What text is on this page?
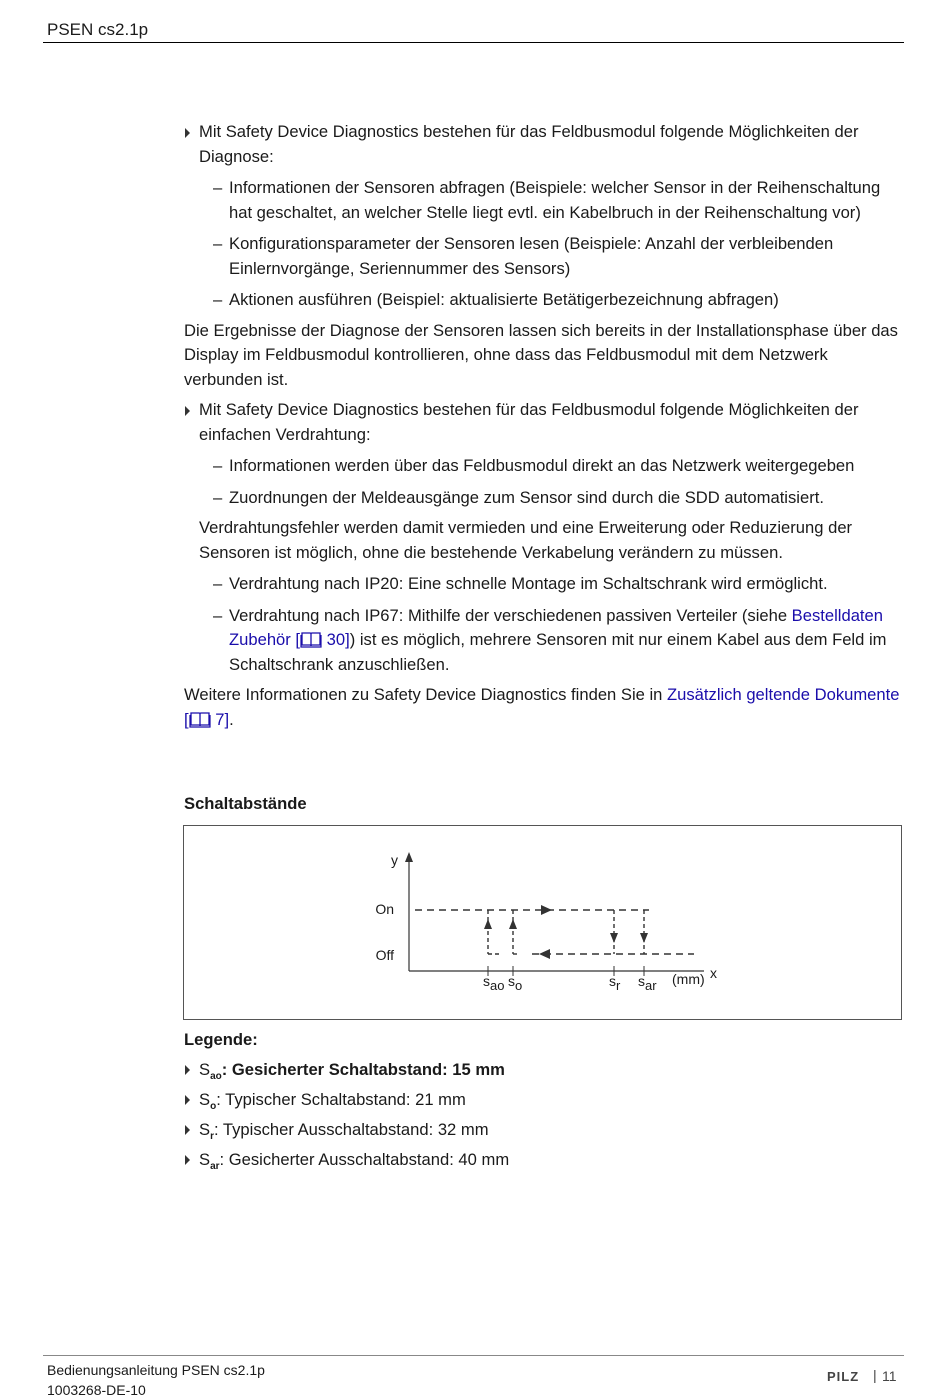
PSEN cs2.1p
Mit Safety Device Diagnostics bestehen für das Feldbusmodul folgende Möglichkeiten der Diagnose:
– Informationen der Sensoren abfragen (Beispiele: welcher Sensor in der Reihenschaltung hat geschaltet, an welcher Stelle liegt evtl. ein Kabelbruch in der Reihenschaltung vor)
– Konfigurationsparameter der Sensoren lesen (Beispiele: Anzahl der verbleibenden Einlernvorgänge, Seriennummer des Sensors)
– Aktionen ausführen (Beispiel: aktualisierte Betätigerbezeichnung abfragen)
Die Ergebnisse der Diagnose der Sensoren lassen sich bereits in der Installationsphase über das Display im Feldbusmodul kontrollieren, ohne dass das Feldbusmodul mit dem Netzwerk verbunden ist.
Mit Safety Device Diagnostics bestehen für das Feldbusmodul folgende Möglichkeiten der einfachen Verdrahtung:
– Informationen werden über das Feldbusmodul direkt an das Netzwerk weitergegeben
– Zuordnungen der Meldeausgänge zum Sensor sind durch die SDD automatisiert.
Verdrahtungsfehler werden damit vermieden und eine Erweiterung oder Reduzierung der Sensoren ist möglich, ohne die bestehende Verkabelung verändern zu müssen.
– Verdrahtung nach IP20: Eine schnelle Montage im Schaltschrank wird ermöglicht.
– Verdrahtung nach IP67: Mithilfe der verschiedenen passiven Verteiler (siehe Bestelldaten Zubehör [ 30]) ist es möglich, mehrere Sensoren mit nur einem Kabel aus dem Feld im Schaltschrank anzuschließen.
Weitere Informationen zu Safety Device Diagnostics finden Sie in Zusätzlich geltende Dokumente [ 7].
Schaltabstände
y
x
On
Off
sao so	sr sar (mm)
Legende:
$S_{ao}$: Gesicherter Schaltabstand: 15 mm
$S_o$: Typischer Schaltabstand: 21 mm
$S_r$: Typischer Ausschaltabstand: 32 mm
$S_{ar}$: Gesicherter Ausschaltabstand: 40 mm
Bedienungsanleitung PSEN cs2.1p
1003268-DE-10
PILZ | 11
